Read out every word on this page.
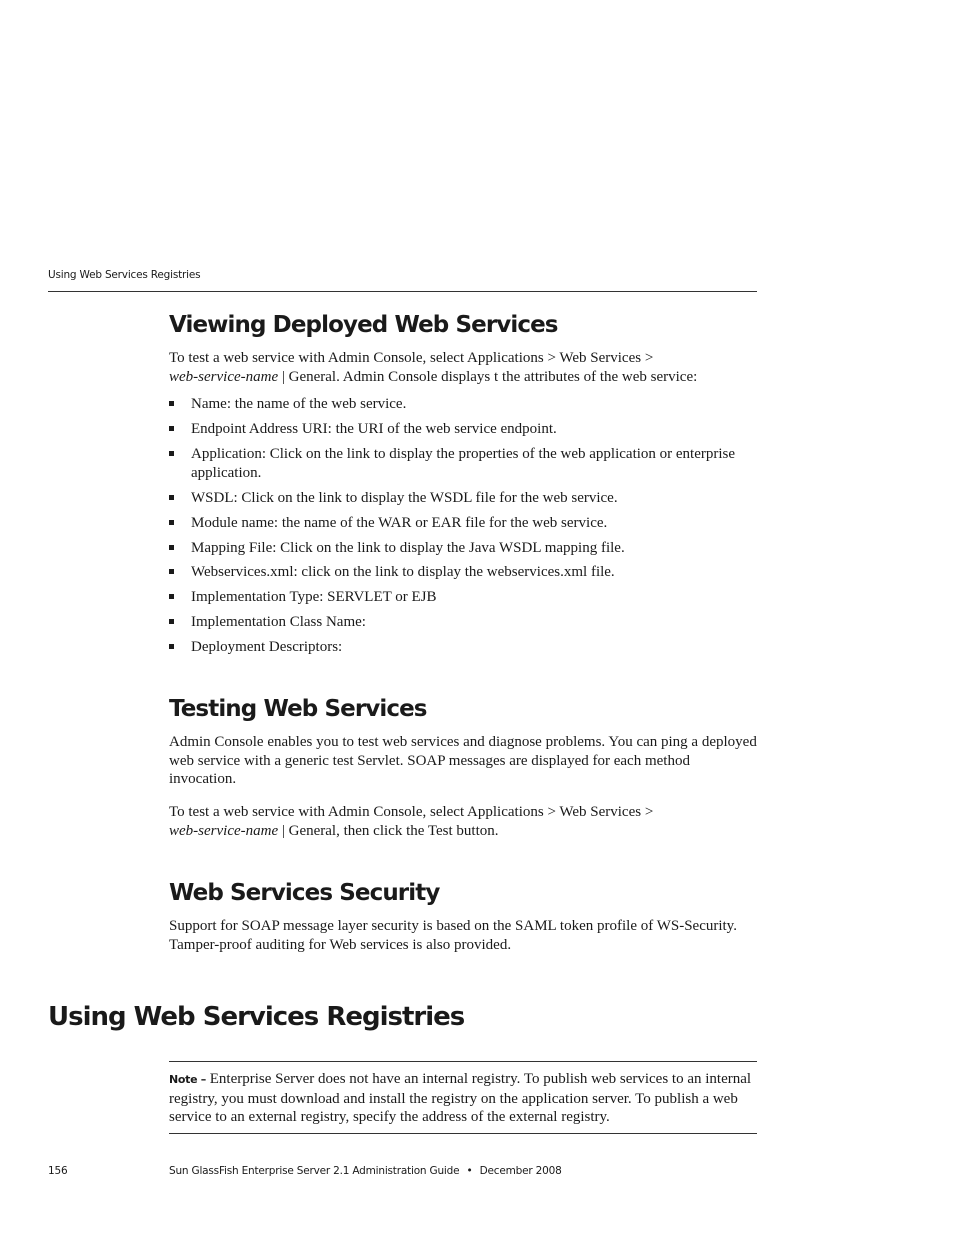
Using Web Services Registries
Viewing Deployed Web Services

To test a web service with Admin Console, select Applications > Web Services >
web-service-name | General. Admin Console displays t the attributes of the web service:

Name: the name of the web service.
Endpoint Address URI: the URI of the web service endpoint.
Application: Click on the link to display the properties of the web application or enterprise application.
WSDL: Click on the link to display the WSDL file for the web service.
Module name: the name of the WAR or EAR file for the web service.
Mapping File: Click on the link to display the Java WSDL mapping file.
Webservices.xml: click on the link to display the webservices.xml file.
Implementation Type: SERVLET or EJB
Implementation Class Name:
Deployment Descriptors:
Testing Web Services

Admin Console enables you to test web services and diagnose problems. You can ping a deployed web service with a generic test Servlet. SOAP messages are displayed for each method invocation.

To test a web service with Admin Console, select Applications > Web Services >
web-service-name | General, then click the Test button.

Web Services Security

Support for SOAP message layer security is based on the SAML token profile of WS-Security. Tamper-proof auditing for Web services is also provided.

Using Web Services Registries

Note – Enterprise Server does not have an internal registry. To publish web services to an internal registry, you must download and install the registry on the application server. To publish a web service to an external registry, specify the address of the external registry.

156	Sun GlassFish Enterprise Server 2.1 Administration Guide • December 2008
